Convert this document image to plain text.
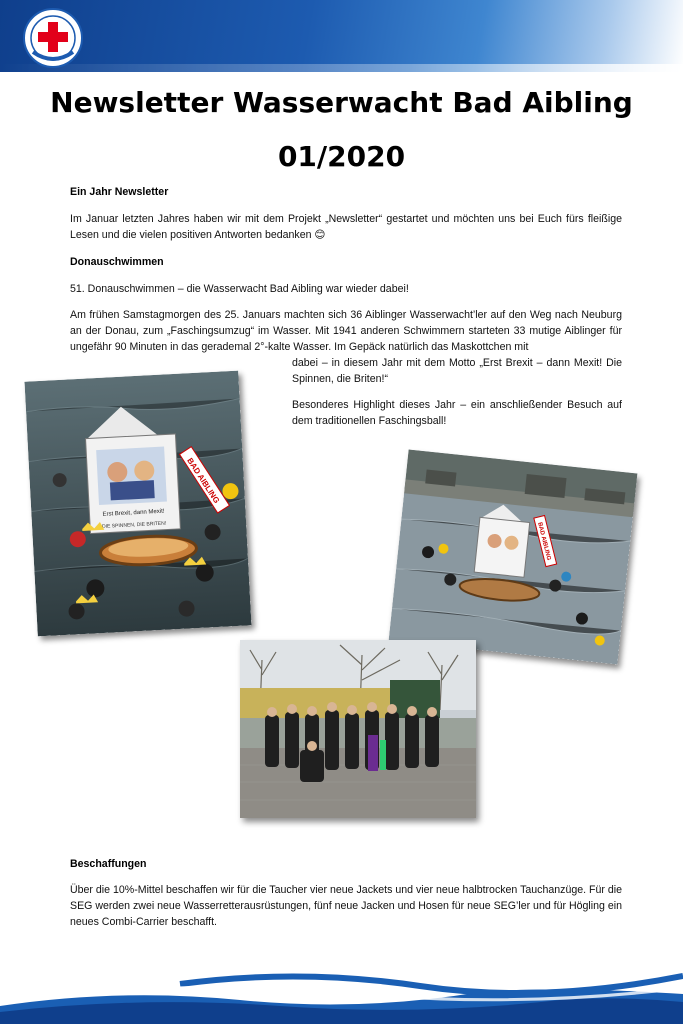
Newsletter Wasserwacht Bad Aibling
01/2020
Ein Jahr Newsletter
Im Januar letzten Jahres haben wir mit dem Projekt „Newsletter“ gestartet und möchten uns bei Euch fürs fleißige Lesen und die vielen positiven Antworten bedanken 😊
Donauschwimmen
51. Donauschwimmen – die Wasserwacht Bad Aibling war wieder dabei!
Am frühen Samstagmorgen des 25. Januars machten sich 36 Aiblinger Wasserwacht’ler auf den Weg nach Neuburg an der Donau, zum „Faschingsumzug“ im Wasser. Mit 1941 anderen Schwimmern starteten 33 mutige Aiblinger für ungefähr 90 Minuten in das gerademal 2°-kalte Wasser. Im Gepäck natürlich das Maskottchen mit
dabei – in diesem Jahr mit dem Motto „Erst Brexit – dann Mexit! Die Spinnen, die Briten!“
Besonderes Highlight dieses Jahr – ein anschließender Besuch auf dem traditionellen Faschingsball!
Erst Brexit, dann Mexit!
DIE SPINNEN, DIE BRITEN!
BAD AIBLING
BAD AIBLING
Beschaffungen
Über die 10%-Mittel beschaffen wir für die Taucher vier neue Jackets und vier neue halbtrocken Tauchanzüge. Für die SEG werden zwei neue Wasserretterausrüstungen, fünf neue Jacken und Hosen für neue SEG’ler und für Högling ein neues Combi-Carrier beschafft.
